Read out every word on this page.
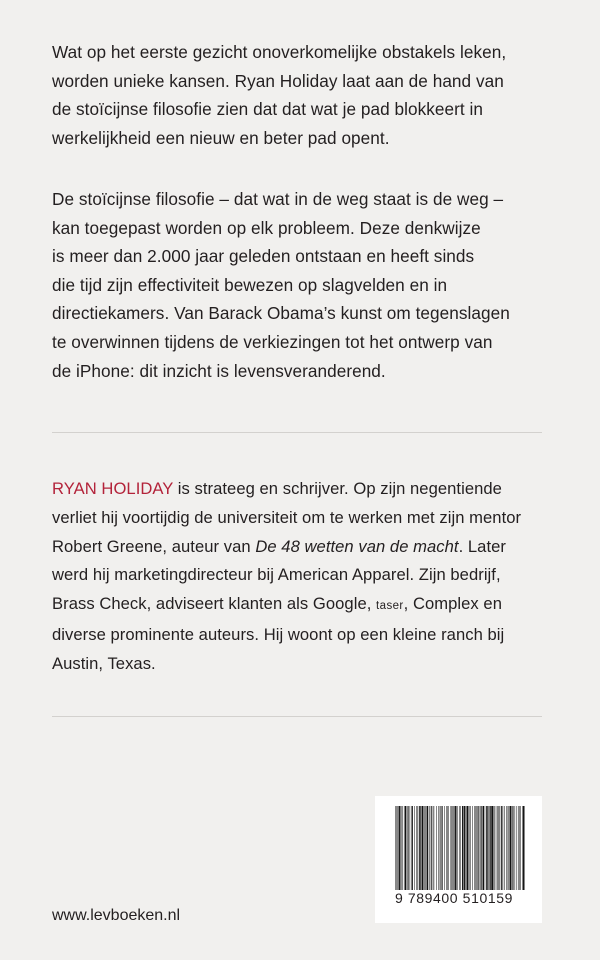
Wat op het eerste gezicht onoverkomelijke obstakels leken,
worden unieke kansen. Ryan Holiday laat aan de hand van
de stoïcijnse filosofie zien dat dat wat je pad blokkeert in
werkelijkheid een nieuw en beter pad opent.
De stoïcijnse filosofie – dat wat in de weg staat is de weg –
kan toegepast worden op elk probleem. Deze denkwijze
is meer dan 2.000 jaar geleden ontstaan en heeft sinds
die tijd zijn effectiviteit bewezen op slagvelden en in
directiekamers. Van Barack Obama’s kunst om tegenslagen
te overwinnen tijdens de verkiezingen tot het ontwerp van
de iPhone: dit inzicht is levensveranderend.
RYAN HOLIDAY is strateeg en schrijver. Op zijn negentiende
verliet hij voortijdig de universiteit om te werken met zijn mentor
Robert Greene, auteur van De 48 wetten van de macht. Later
werd hij marketingdirecteur bij American Apparel. Zijn bedrijf,
Brass Check, adviseert klanten als Google, taser, Complex en
diverse prominente auteurs. Hij woont op een kleine ranch bij
Austin, Texas.
www.levboeken.nl
9 789400 510159
